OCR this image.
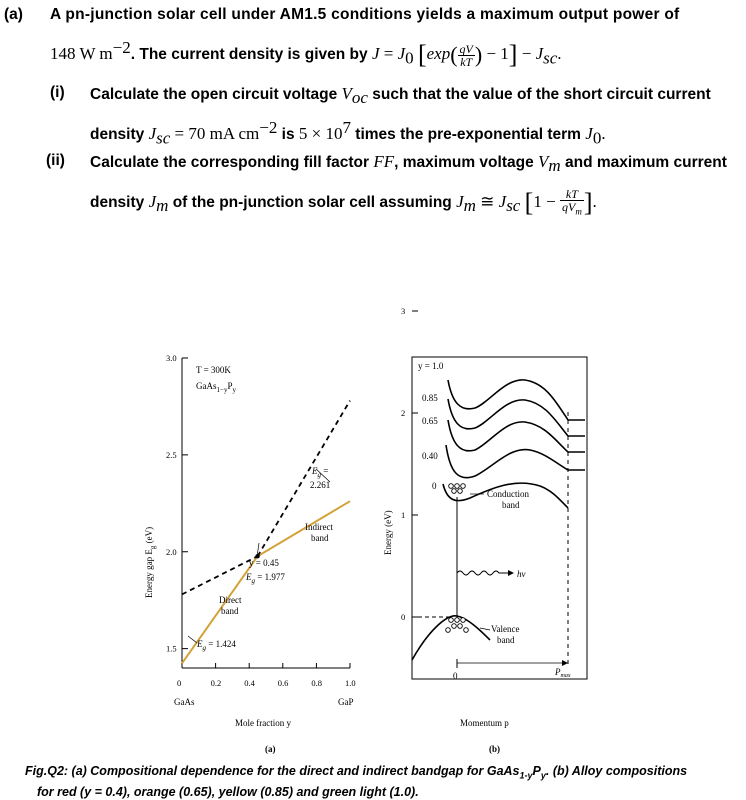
(a) A pn-junction solar cell under AM1.5 conditions yields a maximum output power of
148 W $m^{-2}$. The current density is given by $J = J_0$ [$\exp( \frac{qV}{kT}$ ) − $1] - J_{sc}$.
(i) Calculate the open circuit voltage $V_{oc}$ such that the value of the short circuit current
density $J_{sc} = 70$ mA $cm^{-2}$ is $5 \times 10^7$ times the pre-exponential term $J_0$.
(ii) Calculate the corresponding fill factor FF, maximum voltage $V_m$ and maximum current
density $J_m$ of the pn-junction solar cell assuming $J_m$ ≅ $J_{sc}$ [$1 - \frac{kT}{qV_m}$ ].
3.0
2.5
2.0
1.5
0	0.2	0.4	0.6	0.8	1.0
T = 300K
$GaAs_{1-y}P_y$
$E_g$ =
2.261
Indirect
band
y = 0.45
$E_g = 1.977$
Direct
band
$E_g = 1.424$
GaAs	GaP
Mole fraction y
(a)
Energy gap $E_g$ (eV)
3
2
1
0
y = 1.0
0.85
0.65
0.40
0
Conduction
band
hv
Valence
band
0	$P_{max}$
Momentum p
Energy (eV)
(b)
Fig.Q2: (a) Compositional dependence for the direct and indirect bandgap for $GaAs_{1-y}P_y$. (b) Alloy compositions
for red (y = 0.4), orange (0.65), yellow (0.85) and green light (1.0).
